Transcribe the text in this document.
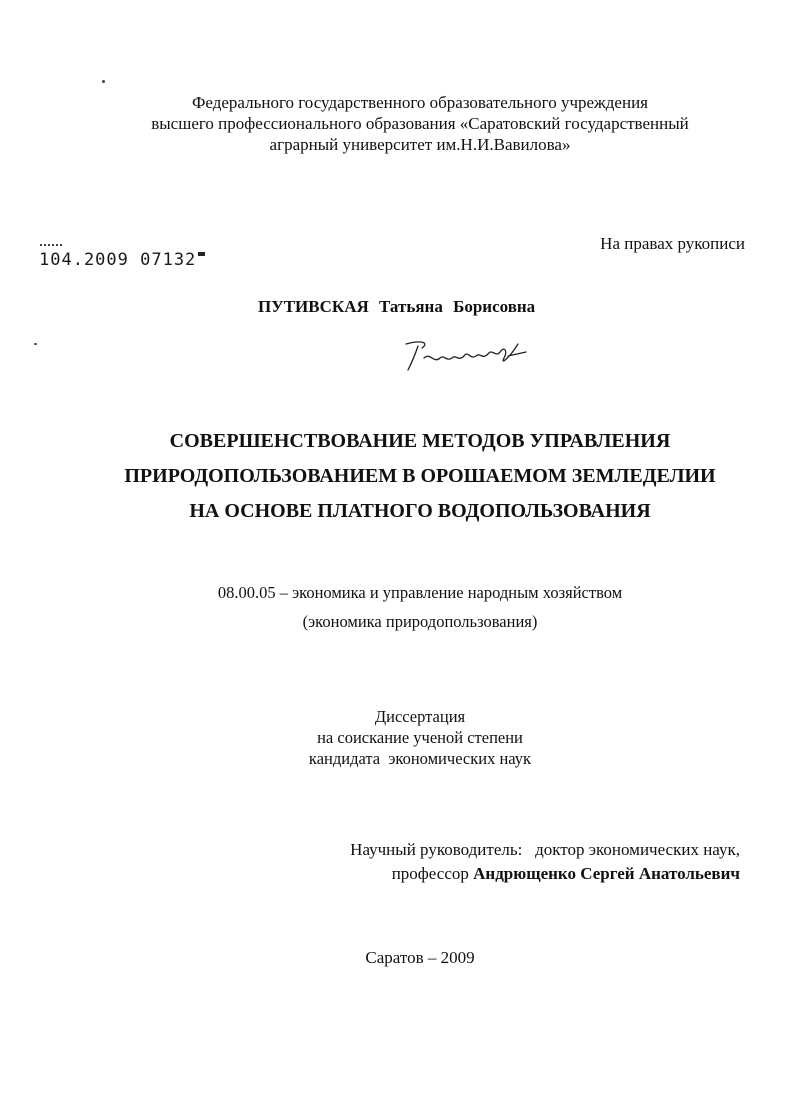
Федерального государственного образовательного учреждения
высшего профессионального образования «Саратовский государственный
аграрный университет им.Н.И.Вавилова»
На правах рукописи
104.2009 07132
ПУТИВСКАЯ Татьяна Борисовна
СОВЕРШЕНСТВОВАНИЕ МЕТОДОВ УПРАВЛЕНИЯ
ПРИРОДОПОЛЬЗОВАНИЕМ В ОРОШАЕМОМ ЗЕМЛЕДЕЛИИ
НА ОСНОВЕ ПЛАТНОГО ВОДОПОЛЬЗОВАНИЯ
08.00.05 – экономика и управление народным хозяйством
(экономика природопользования)
Диссертация
на соискание ученой степени
кандидата  экономических наук
Научный руководитель: доктор экономических наук,
профессор Андрющенко Сергей Анатольевич
Саратов – 2009
